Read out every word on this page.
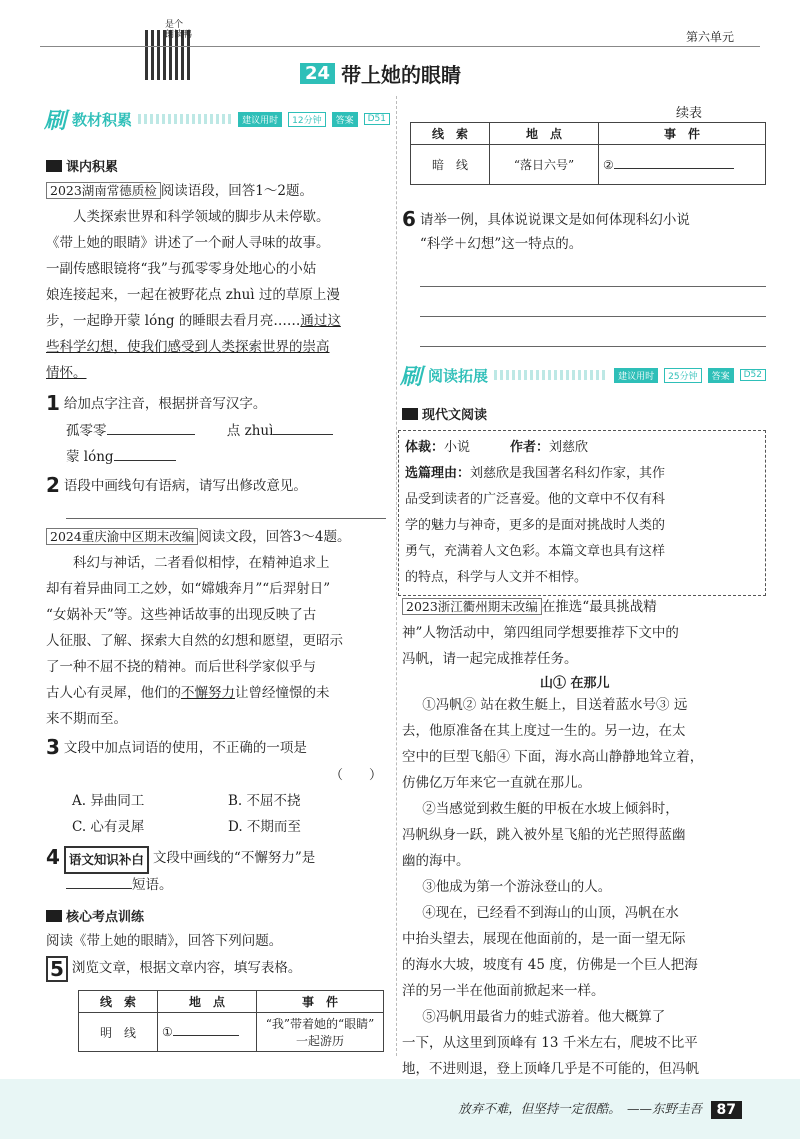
是个
朗读鸭	第六单元
24 带上她的眼睛
刷 教材积累	建议用时	12分钟	答案	D51
课内积累
2023湖南常德质检 阅读语段，回答1～2题。
人类探索世界和科学领域的脚步从未停歇。
《带上她的眼睛》讲述了一个耐人寻味的故事。
一副传感眼镜将“我”与孤零零身处地心的小姑
娘连接起来，一起在被野花点 zhuì 过的草原上漫
步，一起睁开蒙 lóng 的睡眼去看月亮……通过这
些科学幻想，使我们感受到人类探索世界的崇高
情怀。
1 给加点字注音，根据拼音写汉字。
孤零零	点 zhuì
蒙 lóng
2 语段中画线句有语病，请写出修改意见。
2024重庆渝中区期末改编 阅读文段，回答3～4题。
科幻与神话，二者看似相悖，在精神追求上
却有着异曲同工之妙，如“嫦娥奔月”“后羿射日”
“女娲补天”等。这些神话故事的出现反映了古
人征服、了解、探索大自然的幻想和愿望，更昭示
了一种不屈不挠的精神。而后世科学家似乎与
古人心有灵犀，他们的不懈努力让曾经憧憬的未
来不期而至。
3 文段中加点词语的使用，不正确的一项是
（　　）
A. 异曲同工	B. 不屈不挠
C. 心有灵犀	D. 不期而至
4 语文知识补白 文段中画线的“不懈努力”是
短语。
核心考点训练
阅读《带上她的眼睛》，回答下列问题。
5 浏览文章，根据文章内容，填写表格。
线　索	地　点	事　件
明　线	①	“我”带着她的“眼睛”
一起游历
续表
线　索	地　点	事　件
暗　线	“落日六号”	②
6 请举一例，具体说说课文是如何体现科幻小说
“科学＋幻想”这一特点的。
刷 阅读拓展	建议用时	25分钟	答案	D52
现代文阅读
体裁：小说	作者：刘慈欣
选篇理由：刘慈欣是我国著名科幻作家，其作
品受到读者的广泛喜爱。他的文章中不仅有科
学的魅力与神奇，更多的是面对挑战时人类的
勇气，充满着人文色彩。本篇文章也具有这样
的特点，科学与人文并不相悖。
2023浙江衢州期末改编 在推选“最具挑战精
神”人物活动中，第四组同学想要推荐下文中的
冯帆，请一起完成推荐任务。
山① 在那儿
①冯帆② 站在救生艇上，目送着蓝水号③ 远
去，他原准备在其上度过一生的。另一边，在太
空中的巨型飞船④ 下面，海水高山静静地耸立着，
仿佛亿万年来它一直就在那儿。
②当感觉到救生艇的甲板在水坡上倾斜时，
冯帆纵身一跃，跳入被外星飞船的光芒照得蓝幽
幽的海中。
③他成为第一个游泳登山的人。
④现在，已经看不到海山的山顶，冯帆在水
中抬头望去，展现在他面前的，是一面一望无际
的海水大坡，坡度有 45 度，仿佛是一个巨人把海
洋的另一半在他面前掀起来一样。
⑤冯帆用最省力的蛙式游着。他大概算了
一下，从这里到顶峰有 13 千米左右，爬坡不比平
地，不进则退，登上顶峰几乎是不可能的，但冯帆
放弃不难，但坚持一定很酷。　——东野圭吾	87
